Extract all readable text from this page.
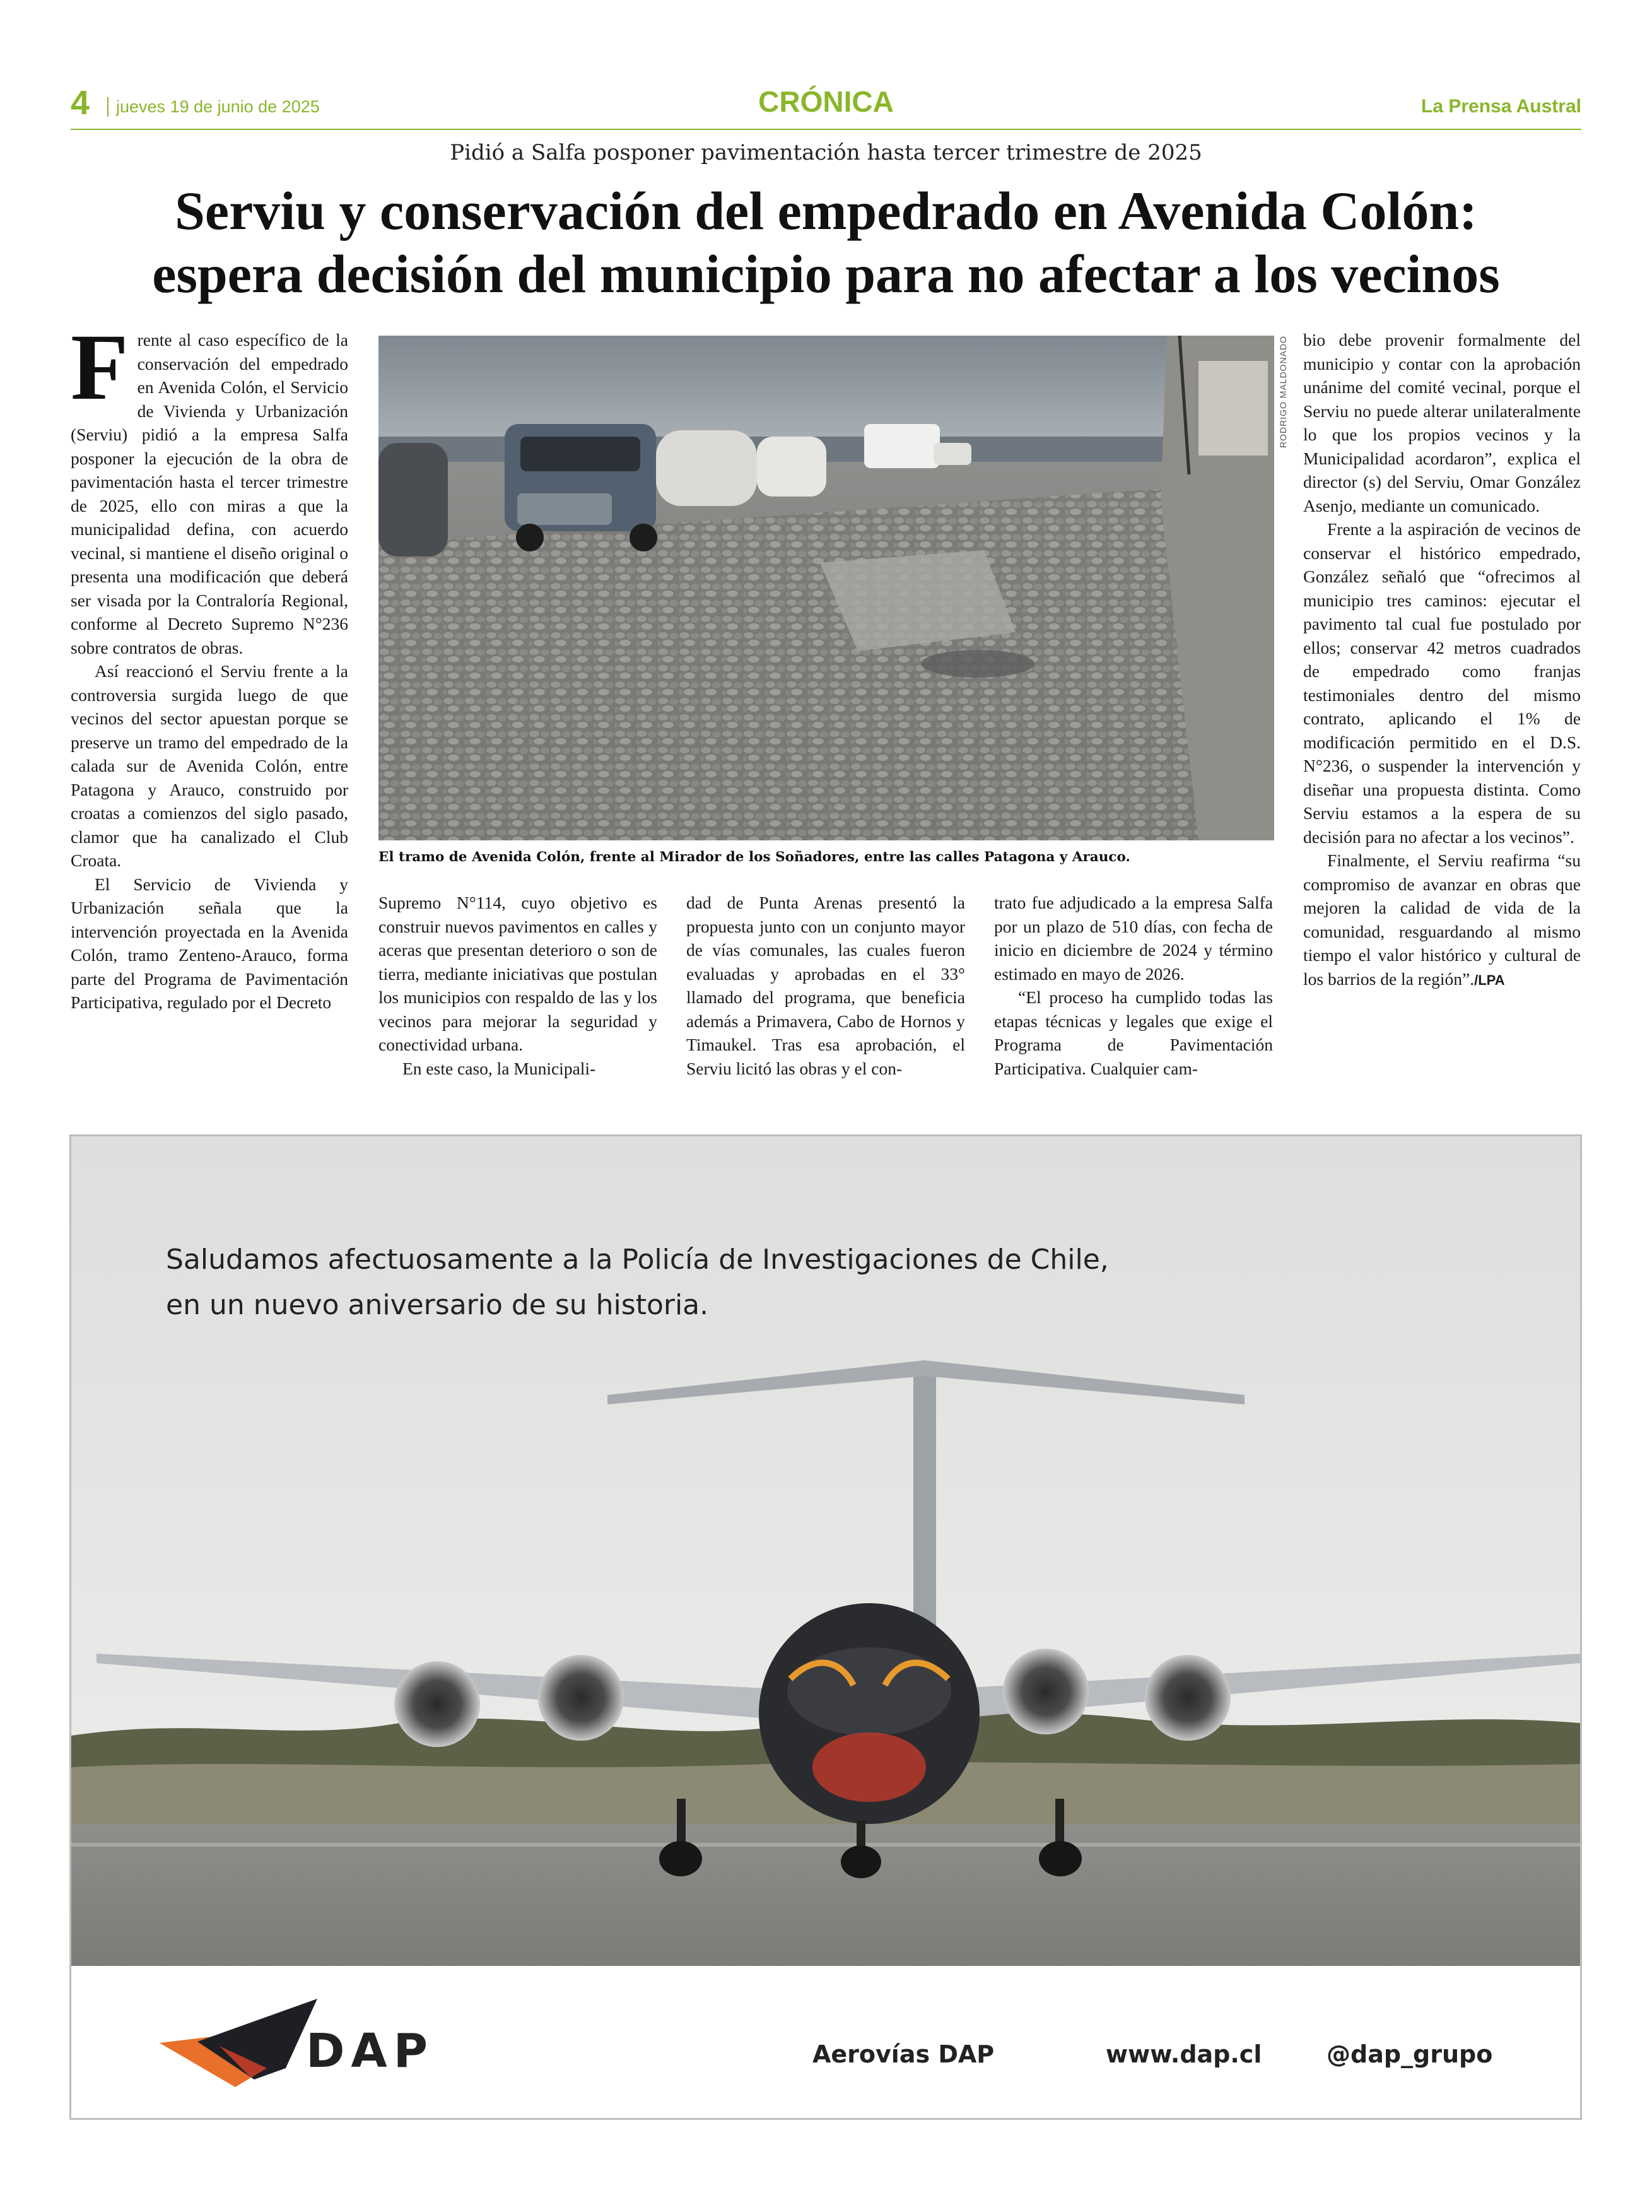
4	jueves 19 de junio de 2025	CRÓNICA	La Prensa Austral
Pidió a Salfa posponer pavimentación hasta tercer trimestre de 2025
Serviu y conservación del empedrado en Avenida Colón:
espera decisión del municipio para no afectar a los vecinos

Frente al caso específico de la conservación del empedrado en Avenida Colón, el Servicio de Vivienda y Urbanización (Serviu) pidió a la empresa Salfa posponer la ejecución de la obra de pavimentación hasta el tercer trimestre de 2025, ello con miras a que la municipalidad defina, con acuerdo vecinal, si mantiene el diseño original o presenta una modificación que deberá ser visada por la Contraloría Regional, conforme al Decreto Supremo N°236 sobre contratos de obras.

Así reaccionó el Serviu frente a la controversia surgida luego de que vecinos del sector apuestan porque se preserve un tramo del empedrado de la calada sur de Avenida Colón, entre Patagona y Arauco, construido por croatas a comienzos del siglo pasado, clamor que ha canalizado el Club Croata.

El Servicio de Vivienda y Urbanización señala que la intervención proyectada en la Avenida Colón, tramo Zenteno-Arauco, forma parte del Programa de Pavimentación Participativa, regulado por el Decreto

RODRIGO MALDONADO
El tramo de Avenida Colón, frente al Mirador de los Soñadores, entre las calles Patagona y Arauco.

bio debe provenir formalmente del municipio y contar con la aprobación unánime del comité vecinal, porque el Serviu no puede alterar unilateralmente lo que los propios vecinos y la Municipalidad acordaron”, explica el director (s) del Serviu, Omar González Asenjo, mediante un comunicado.

Frente a la aspiración de vecinos de conservar el histórico empedrado, González señaló que “ofrecimos al municipio tres caminos: ejecutar el pavimento tal cual fue postulado por ellos; conservar 42 metros cuadrados de empedrado como franjas testimoniales dentro del mismo contrato, aplicando el 1% de modificación permitido en el D.S. N°236, o suspender la intervención y diseñar una propuesta distinta. Como Serviu estamos a la espera de su decisión para no afectar a los vecinos”.

Finalmente, el Serviu reafirma “su compromiso de avanzar en obras que mejoren la calidad de vida de la comunidad, resguardando al mismo tiempo el valor histórico y cultural de los barrios de la región”./LPA

Supremo N°114, cuyo objetivo es construir nuevos pavimentos en calles y aceras que presentan deterioro o son de tierra, mediante iniciativas que postulan los municipios con respaldo de las y los vecinos para mejorar la seguridad y conectividad urbana.

En este caso, la Municipali-

dad de Punta Arenas presentó la propuesta junto con un conjunto mayor de vías comunales, las cuales fueron evaluadas y aprobadas en el 33° llamado del programa, que beneficia además a Primavera, Cabo de Hornos y Timaukel. Tras esa aprobación, el Serviu licitó las obras y el con-

trato fue adjudicado a la empresa Salfa por un plazo de 510 días, con fecha de inicio en diciembre de 2024 y término estimado en mayo de 2026.

“El proceso ha cumplido todas las etapas técnicas y legales que exige el Programa de Pavimentación Participativa. Cualquier cam-

Saludamos afectuosamente a la Policía de Investigaciones de Chile,
en un nuevo aniversario de su historia.
DAP	Aerovías DAP	www.dap.cl	@dap_grupo
